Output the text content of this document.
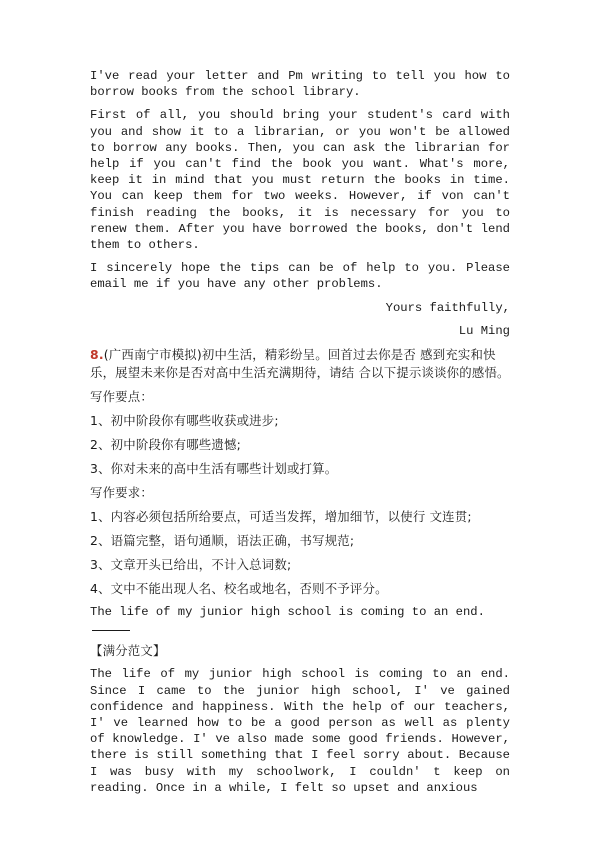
I've read your letter and Pm writing to tell you how to borrow books from the school library.

First of all, you should bring your student's card with you and show it to a librarian, or you won't be allowed to borrow any books. Then, you can ask the librarian for help if you can't find the book you want. What's more, keep it in mind that you must return the books in time. You can keep them for two weeks. However, if von can't finish reading the books, it is necessary for you to renew them. After you have borrowed the books, don't lend them to others.

I sincerely hope the tips can be of help to you. Please email me if you have any other problems.

Yours faithfully,

Lu Ming

8.(广西南宁市模拟)初中生活，精彩纷呈。回首过去你是否 感到充实和快乐，展望未来你是否对高中生活充满期待，请结 合以下提示谈谈你的感悟。

写作要点：

1、初中阶段你有哪些收获或进步;

2、初中阶段你有哪些遗憾;

3、你对未来的高中生活有哪些计划或打算。

写作要求：

1、内容必须包括所给要点，可适当发挥，增加细节，以使行 文连贯;

2、语篇完整，语句通顺，语法正确，书写规范;

3、文章开头已给出，不计入总词数;

4、文中不能出现人名、校名或地名，否则不予评分。

The life of my junior high school is coming to an end.

【满分范文】

The life of my junior high school is coming to an end. Since I came to the junior high school, I' ve gained confidence and happiness. With the help of our teachers, I' ve learned how to be a good person as well as plenty of knowledge. I' ve also made some good friends. However, there is still something that I feel sorry about. Because I was busy with my schoolwork, I couldn' t keep on reading. Once in a while, I felt so upset and anxious
